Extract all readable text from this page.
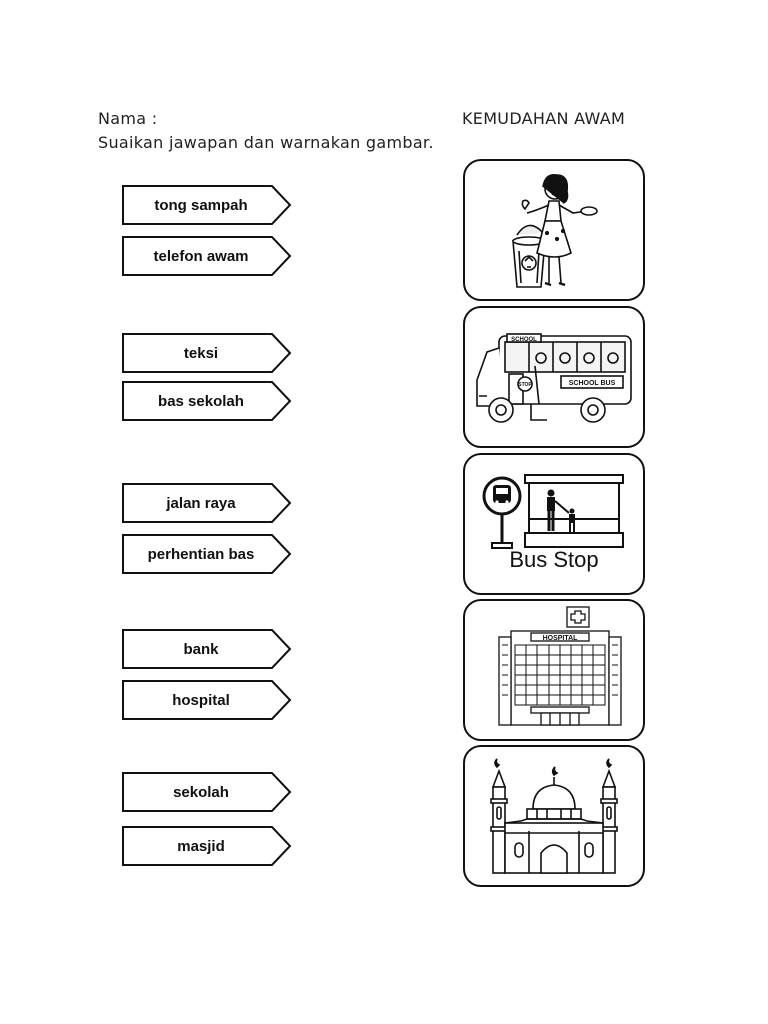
Nama :	KEMUDAHAN AWAM
Suaikan jawapan dan warnakan gambar.
tong sampah
telefon awam
teksi
bas sekolah
jalan raya
perhentian bas
bank
hospital
sekolah
masjid
SCHOOL BUS
SCHOOL
STOP
Bus Stop
HOSPITAL
